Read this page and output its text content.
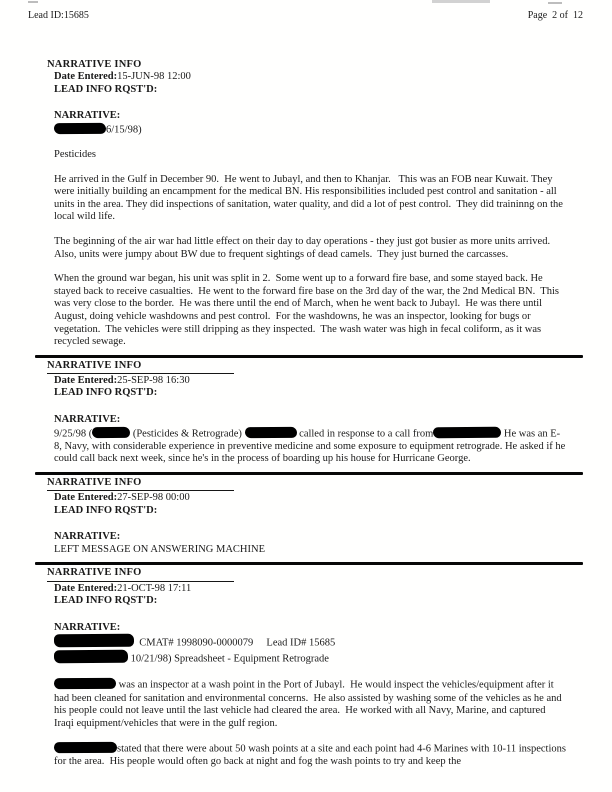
Lead ID:15685	Page  2 of  12
NARRATIVE INFO
Date Entered:15-JUN-98 12:00
LEAD INFO RQST'D:
NARRATIVE:
6/15/98)
Pesticides
He arrived in the Gulf in December 90.  He went to Jubayl, and then to Khanjar.   This was an FOB near Kuwait. They were initially building an encampment for the medical BN. His responsibilities included pest control and sanitation - all units in the area. They did inspections of sanitation, water quality, and did a lot of pest control.  They did traininng on the local wild life.
The beginning of the air war had little effect on their day to day operations - they just got busier as more units arrived.  Also, units were jumpy about BW due to frequent sightings of dead camels.  They just burned the carcasses.
When the ground war began, his unit was split in 2.  Some went up to a forward fire base, and some stayed back. He stayed back to receive casualties.  He went to the forward fire base on the 3rd day of the war, the 2nd Medical BN.  This was very close to the border.  He was there until the end of March, when he went back to Jubayl.  He was there until August, doing vehicle washdowns and pest control.  For the washdowns, he was an inspector, looking for bugs or vegetation.  The vehicles were still dripping as they inspected.  The wash water was high in fecal coliform, as it was recycled sewage.
NARRATIVE INFO

Date Entered:25-SEP-98 16:30
LEAD INFO RQST'D:
NARRATIVE:
9/25/98 (	(Pesticides & Retrograde)	called in response to a call from	He was an E-8, Navy, with considerable experience in preventive medicine and some exposure to equipment retrograde. He asked if he could call back next week, since he's in the process of boarding up his house for Hurricane George.
NARRATIVE INFO

Date Entered:27-SEP-98 00:00
LEAD INFO RQST'D:
NARRATIVE:
LEFT MESSAGE ON ANSWERING MACHINE
NARRATIVE INFO

Date Entered:21-OCT-98 17:11
LEAD INFO RQST'D:
NARRATIVE:
CMAT# 1998090-0000079     Lead ID# 15685
10/21/98) Spreadsheet - Equipment Retrograde
was an inspector at a wash point in the Port of Jubayl.  He would inspect the vehicles/equipment after it had been cleaned for sanitation and environmental concerns.  He also assisted by washing some of the vehicles as he and his people could not leave until the last vehicle had cleared the area.  He worked with all Navy, Marine, and captured Iraqi equipment/vehicles that were in the gulf region.
stated that there were about 50 wash points at a site and each point had 4-6 Marines with 10-11 inspections for the area.  His people would often go back at night and fog the wash points to try and keep the
